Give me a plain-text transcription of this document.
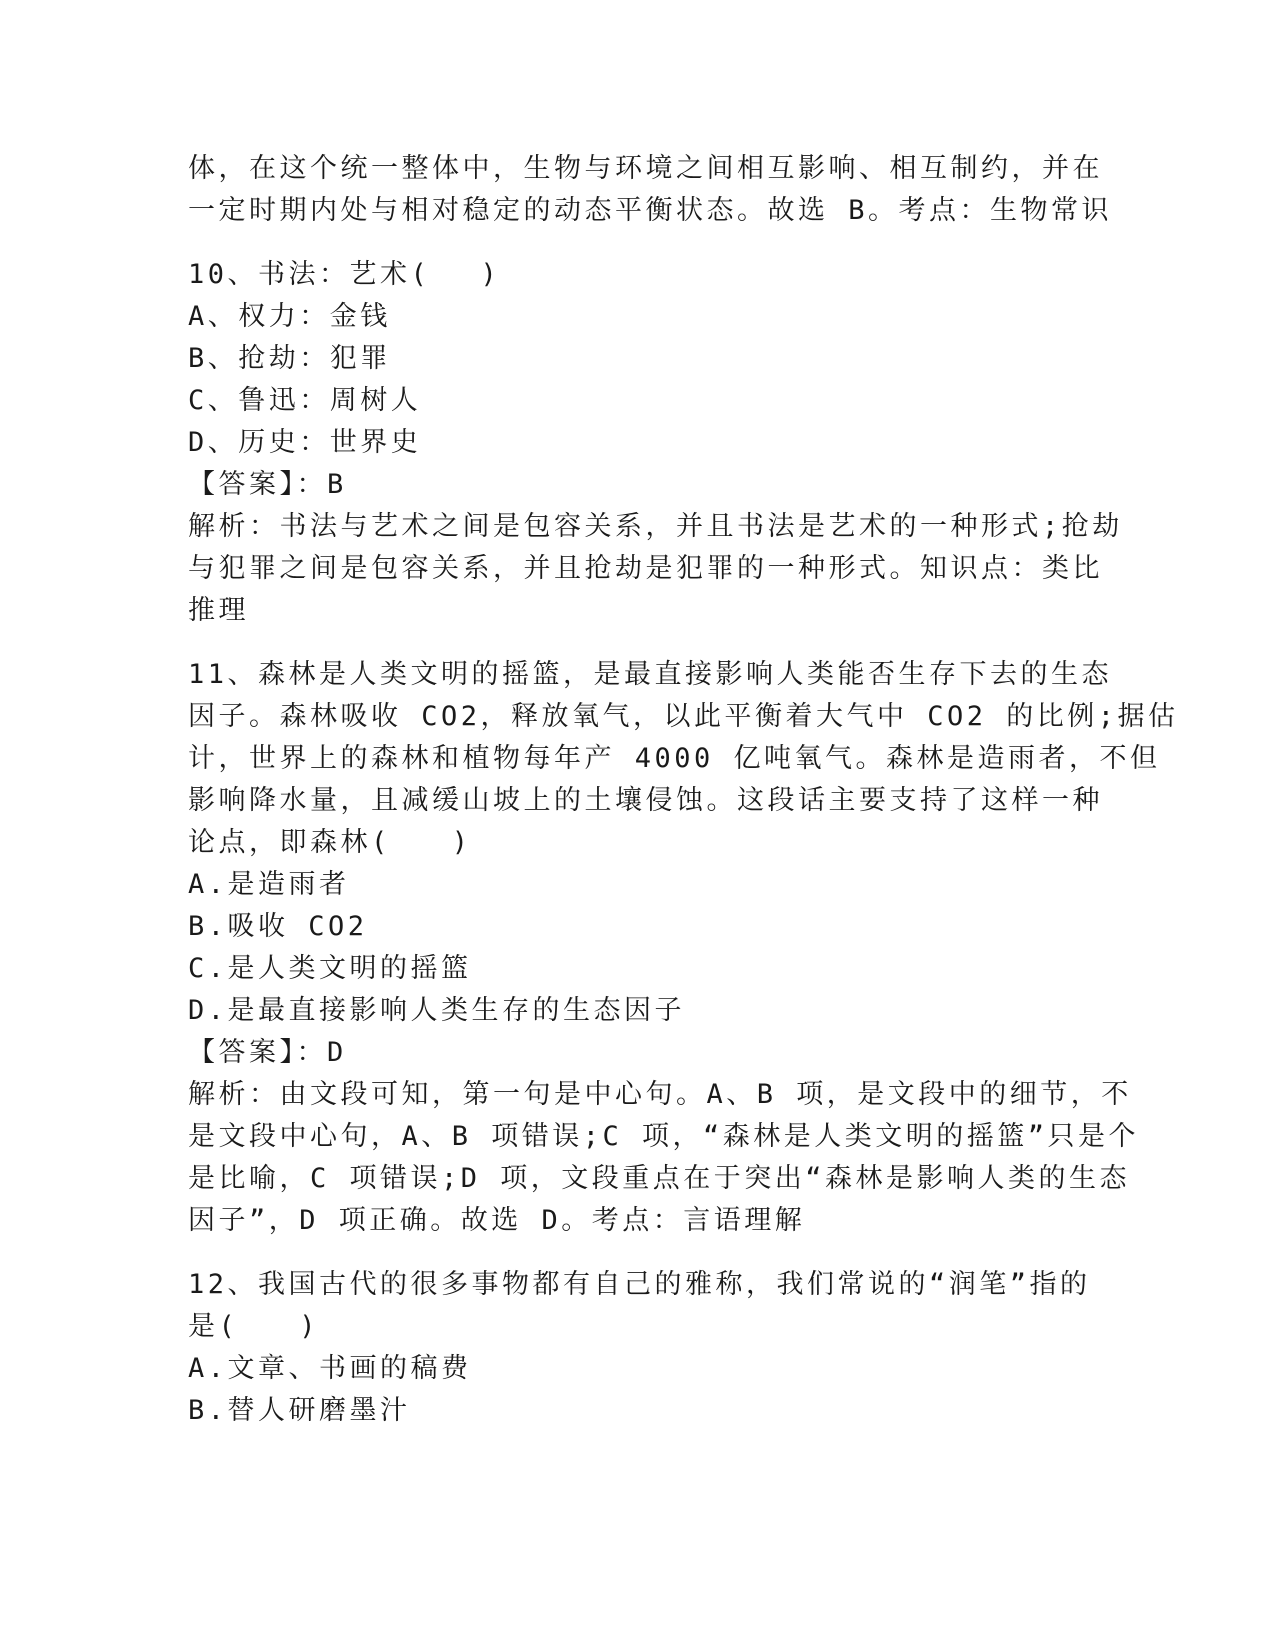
体，在这个统一整体中，生物与环境之间相互影响、相互制约，并在
一定时期内处与相对稳定的动态平衡状态。故选 B。考点：生物常识
10、书法：艺术(　 )
A、权力：金钱
B、抢劫：犯罪
C、鲁迅：周树人
D、历史：世界史
【答案】：B
解析：书法与艺术之间是包容关系，并且书法是艺术的一种形式;抢劫
与犯罪之间是包容关系，并且抢劫是犯罪的一种形式。知识点：类比
推理
11、森林是人类文明的摇篮，是最直接影响人类能否生存下去的生态
因子。森林吸收 CO2，释放氧气，以此平衡着大气中 CO2 的比例;据估
计，世界上的森林和植物每年产 4000 亿吨氧气。森林是造雨者，不但
影响降水量，且减缓山坡上的土壤侵蚀。这段话主要支持了这样一种
论点，即森林(　　)
A.是造雨者
B.吸收 CO2
C.是人类文明的摇篮
D.是最直接影响人类生存的生态因子
【答案】：D
解析：由文段可知，第一句是中心句。A、B 项，是文段中的细节，不
是文段中心句，A、B 项错误;C 项，“森林是人类文明的摇篮”只是个
是比喻，C 项错误;D 项，文段重点在于突出“森林是影响人类的生态
因子”，D 项正确。故选 D。考点：言语理解
12、我国古代的很多事物都有自己的雅称，我们常说的“润笔”指的
是(　　)
A.文章、书画的稿费
B.替人研磨墨汁
